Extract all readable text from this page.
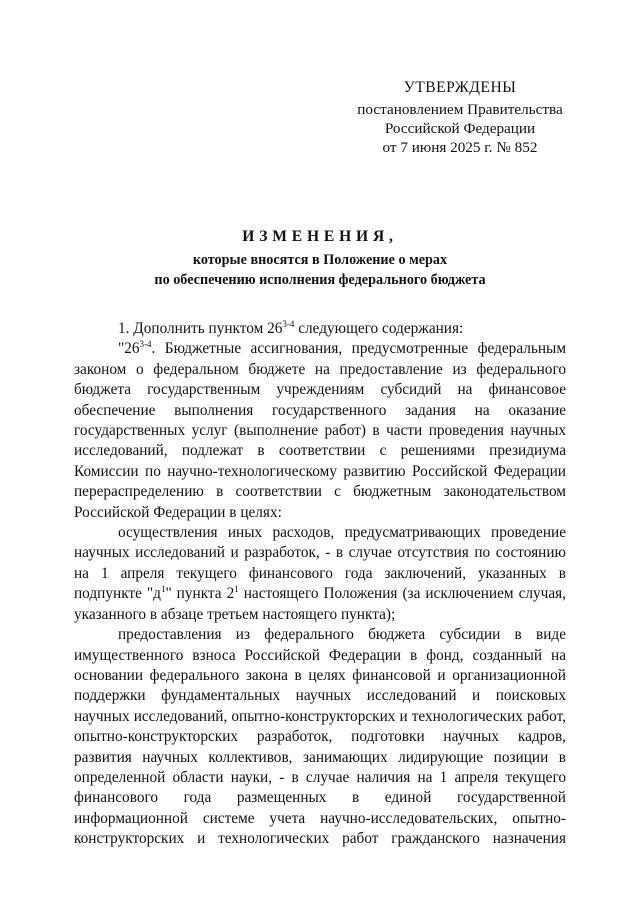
УТВЕРЖДЕНЫ
постановлением Правительства
Российской Федерации
от 7 июня 2025 г. № 852
ИЗМЕНЕНИЯ,
которые вносятся в Положение о мерах
по обеспечению исполнения федерального бюджета

1. Дополнить пунктом 26$^{3-4}$ следующего содержания:

"26$^{3-4}$. Бюджетные ассигнования, предусмотренные федеральным законом о федеральном бюджете на предоставление из федерального бюджета государственным учреждениям субсидий на финансовое обеспечение выполнения государственного задания на оказание государственных услуг (выполнение работ) в части проведения научных исследований, подлежат в соответствии с решениями президиума Комиссии по научно-технологическому развитию Российской Федерации перераспределению в соответствии с бюджетным законодательством Российской Федерации в целях:

осуществления иных расходов, предусматривающих проведение научных исследований и разработок, - в случае отсутствия по состоянию на 1 апреля текущего финансового года заключений, указанных в подпункте "$д^1$" пункта $2^1$ настоящего Положения (за исключением случая, указанного в абзаце третьем настоящего пункта);

предоставления из федерального бюджета субсидии в виде имущественного взноса Российской Федерации в фонд, созданный на основании федерального закона в целях финансовой и организационной поддержки фундаментальных научных исследований и поисковых научных исследований, опытно-конструкторских и технологических работ, опытно-конструкторских разработок, подготовки научных кадров, развития научных коллективов, занимающих лидирующие позиции в определенной области науки, - в случае наличия на 1 апреля текущего финансового года размещенных в единой государственной информационной системе учета научно-исследовательских, опытно-конструкторских и технологических работ гражданского назначения
